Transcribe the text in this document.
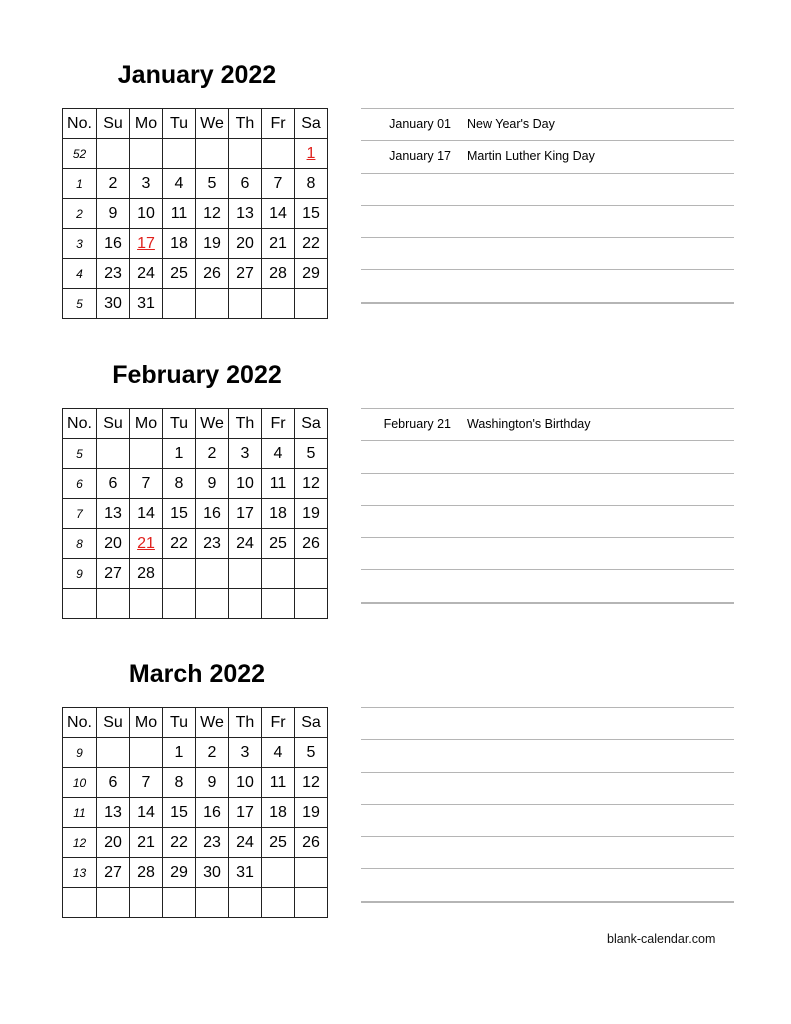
January 2022
No.	Su	Mo	Tu	We	Th	Fr	Sa
52							1
1	2	3	4	5	6	7	8
2	9	10	11	12	13	14	15
3	16	17	18	19	20	21	22
4	23	24	25	26	27	28	29
5	30	31					
January 01 New Year's Day
January 17 Martin Luther King Day
February 2022
No.	Su	Mo	Tu	We	Th	Fr	Sa
5			1	2	3	4	5
6	6	7	8	9	10	11	12
7	13	14	15	16	17	18	19
8	20	21	22	23	24	25	26
9	27	28					

February 21 Washington's Birthday
March 2022
No.	Su	Mo	Tu	We	Th	Fr	Sa
9			1	2	3	4	5
10	6	7	8	9	10	11	12
11	13	14	15	16	17	18	19
12	20	21	22	23	24	25	26
13	27	28	29	30	31		

blank-calendar.com
